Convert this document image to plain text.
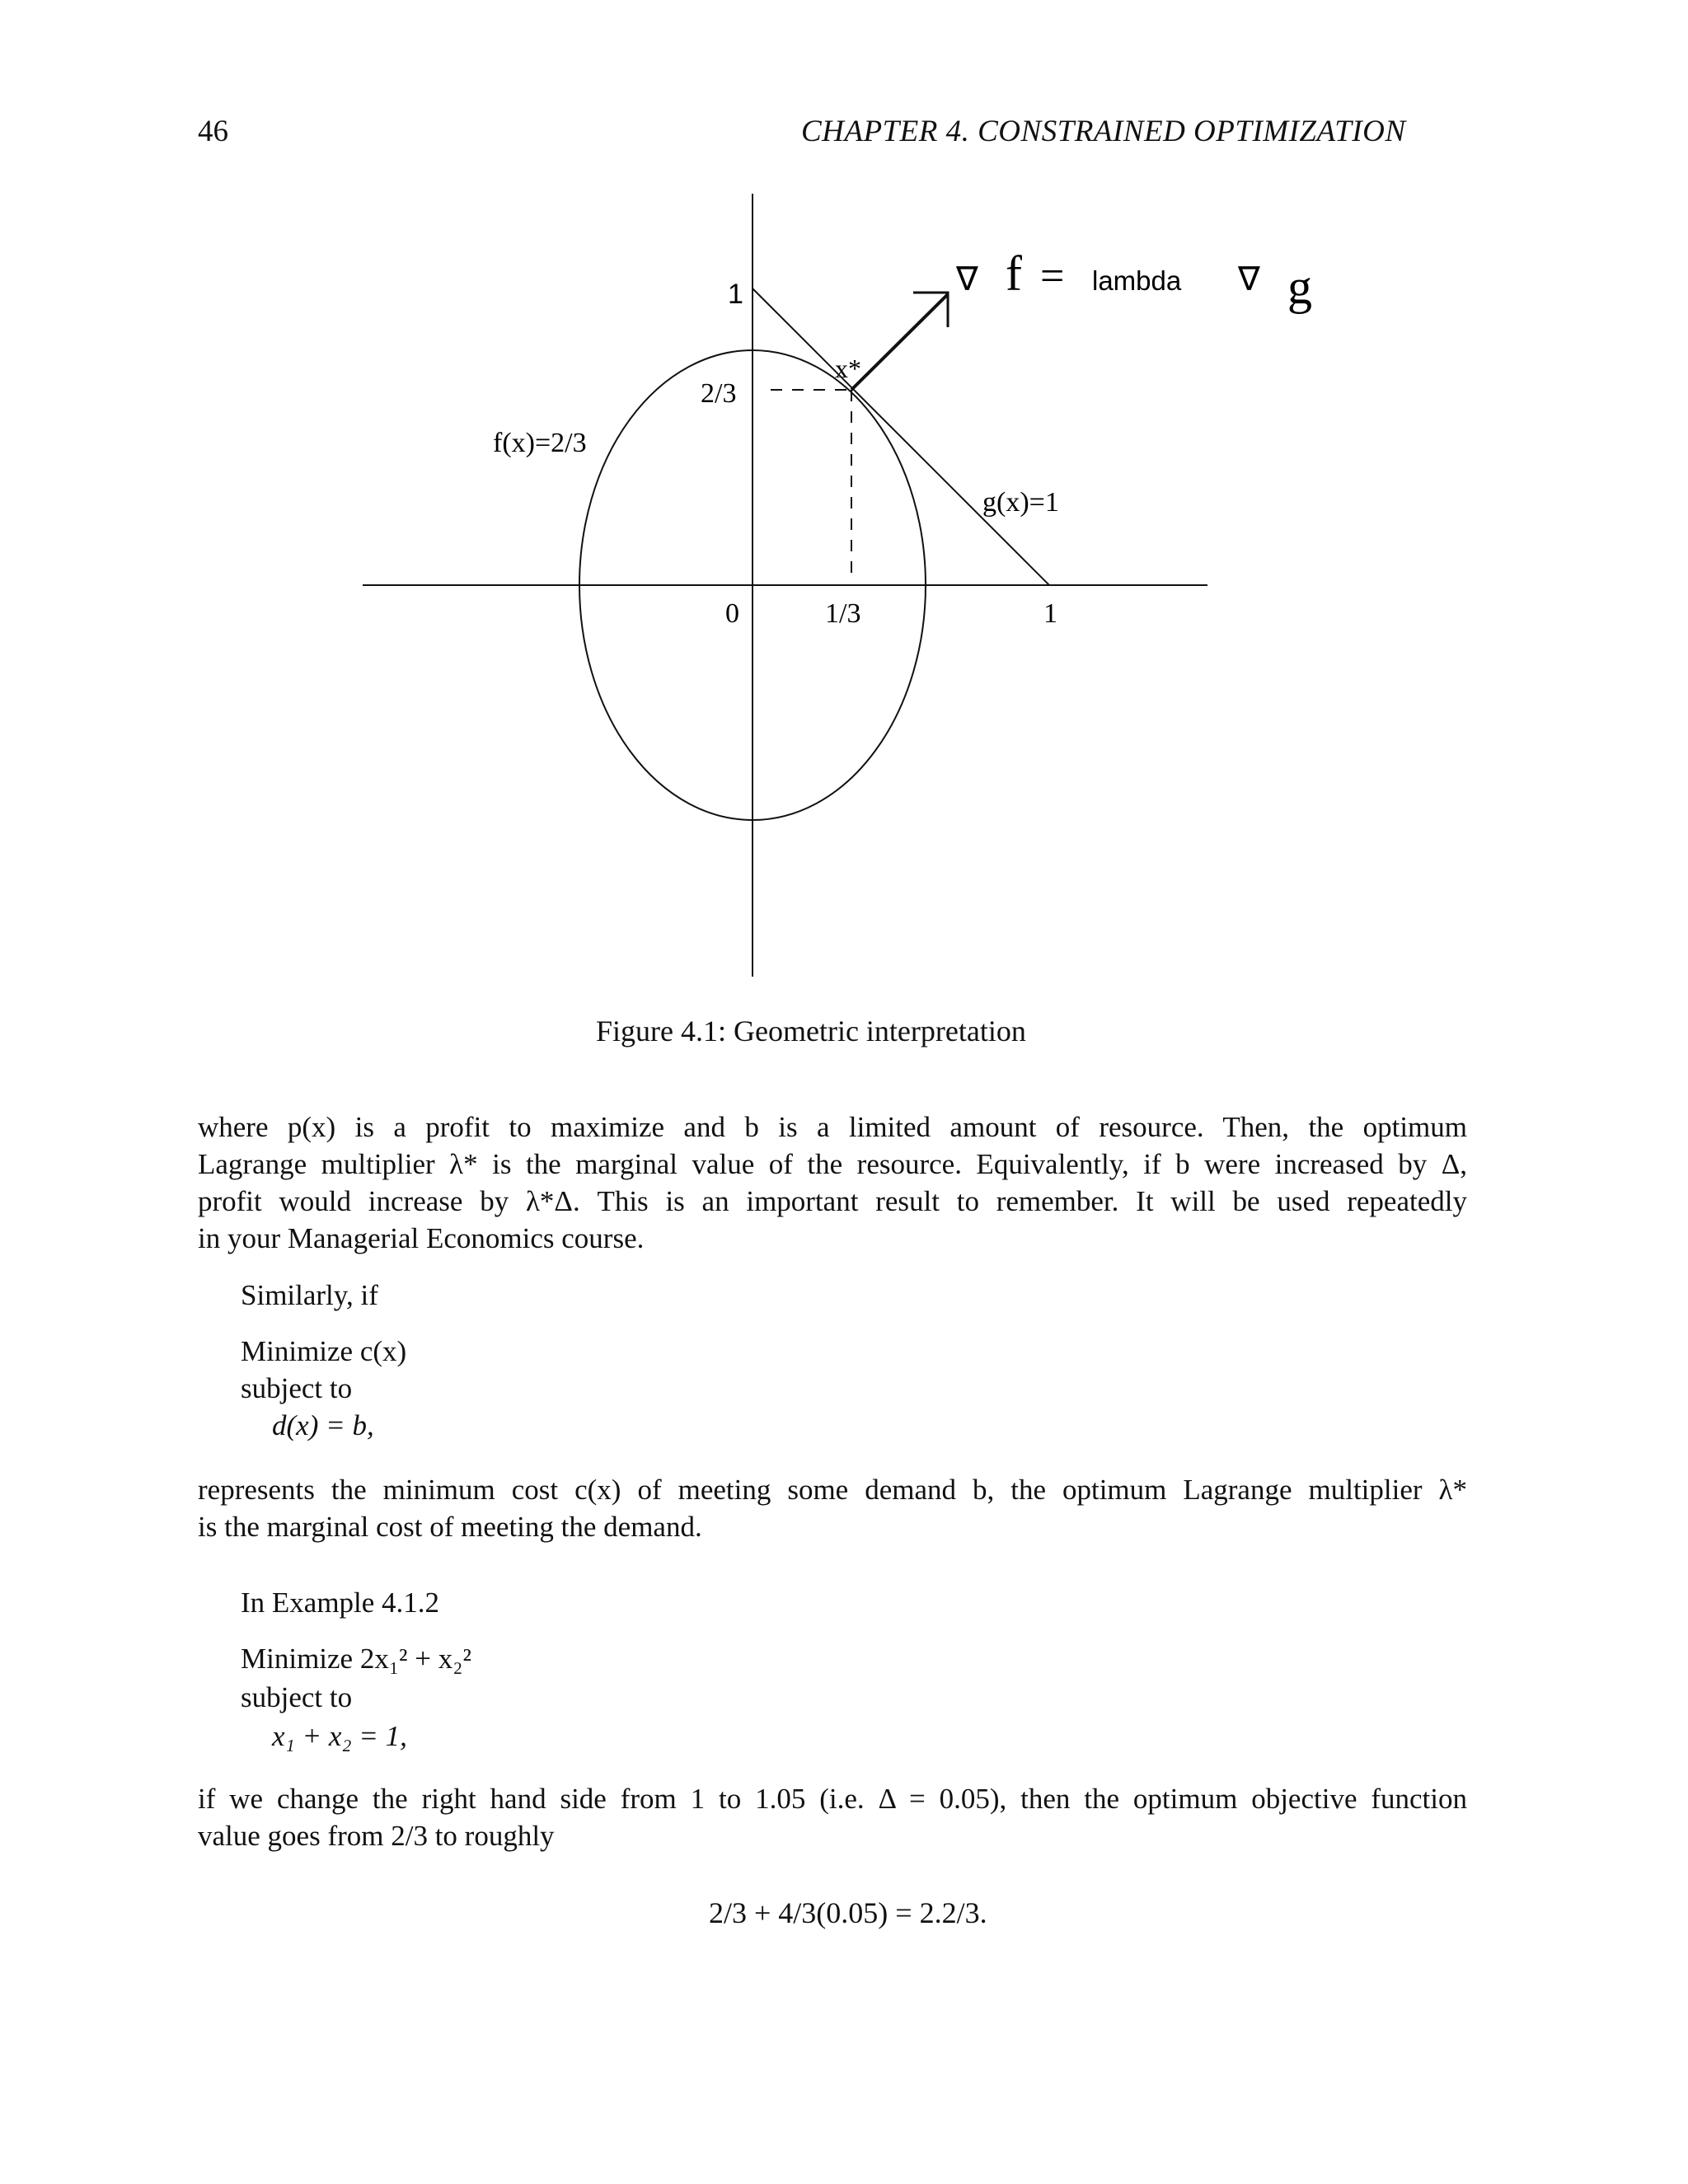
46	CHAPTER 4. CONSTRAINED OPTIMIZATION
1
2/3
x*
0	1/3	1
f(x)=2/3
g(x)=1
∇ f = lambda ∇ g
Figure 4.1: Geometric interpretation
where p(x) is a profit to maximize and b is a limited amount of resource. Then, the optimum
Lagrange multiplier λ* is the marginal value of the resource. Equivalently, if b were increased by Δ,
profit would increase by λ*Δ. This is an important result to remember. It will be used repeatedly
in your Managerial Economics course.
Similarly, if
Minimize c(x)
subject to
d(x) = b,
represents the minimum cost c(x) of meeting some demand b, the optimum Lagrange multiplier λ*
is the marginal cost of meeting the demand.
In Example 4.1.2
Minimize 2x₁² + x₂²
subject to
x₁ + x₂ = 1,
if we change the right hand side from 1 to 1.05 (i.e. Δ = 0.05), then the optimum objective function
value goes from 2/3 to roughly
2/3 + 4/3(0.05) = 2.2/3.
